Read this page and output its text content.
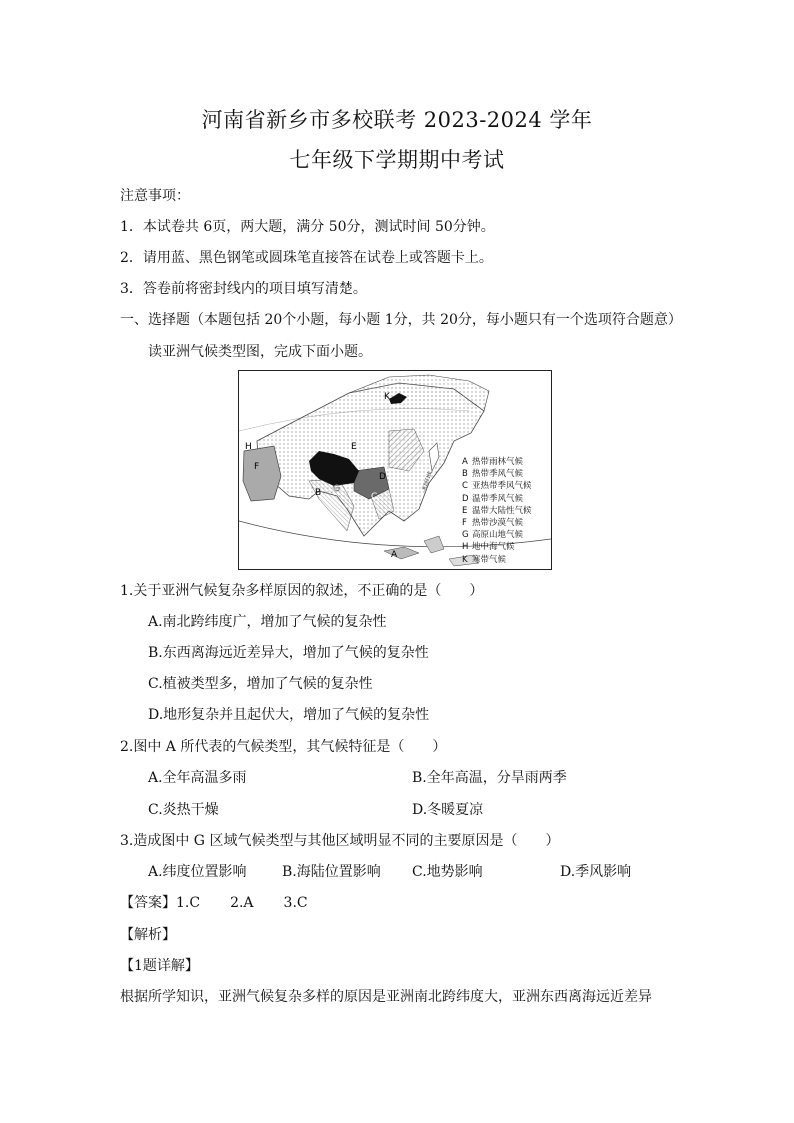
河南省新乡市多校联考 2023-2024 学年
七年级下学期期中考试
注意事项：
1．本试卷共 6页，两大题，满分 50分，测试时间 50分钟。
2．请用蓝、黑色钢笔或圆珠笔直接答在试卷上或答题卡上。
3．答卷前将密封线内的项目填写清楚。
一、选择题（本题包括 20个小题，每小题 1分，共 20分，每小题只有一个选项符合题意）
读亚洲气候类型图，完成下面小题。
K
H
F
E
D
G
B	C
A
北回归线
A 热带雨林气候
B 热带季风气候
C 亚热带季风气候
D 温带季风气候
E 温带大陆性气候
F 热带沙漠气候
G 高原山地气候
H 地中海气候
K 寒带气候
1.关于亚洲气候复杂多样原因的叙述，不正确的是（　　）
A.南北跨纬度广，增加了气候的复杂性
B.东西离海远近差异大，增加了气候的复杂性
C.植被类型多，增加了气候的复杂性
D.地形复杂并且起伏大，增加了气候的复杂性
2.图中 A 所代表的气候类型，其气候特征是（　　）
A.全年高温多雨	B.全年高温，分旱雨两季
C.炎热干燥	D.冬暖夏凉
3.造成图中 G 区域气候类型与其他区域明显不同的主要原因是（　　）
A.纬度位置影响	B.海陆位置影响 C.地势影响	D.季风影响
【答案】1.C 2.A 3.C
【解析】
【1题详解】
根据所学知识，亚洲气候复杂多样的原因是亚洲南北跨纬度大，亚洲东西离海远近差异
